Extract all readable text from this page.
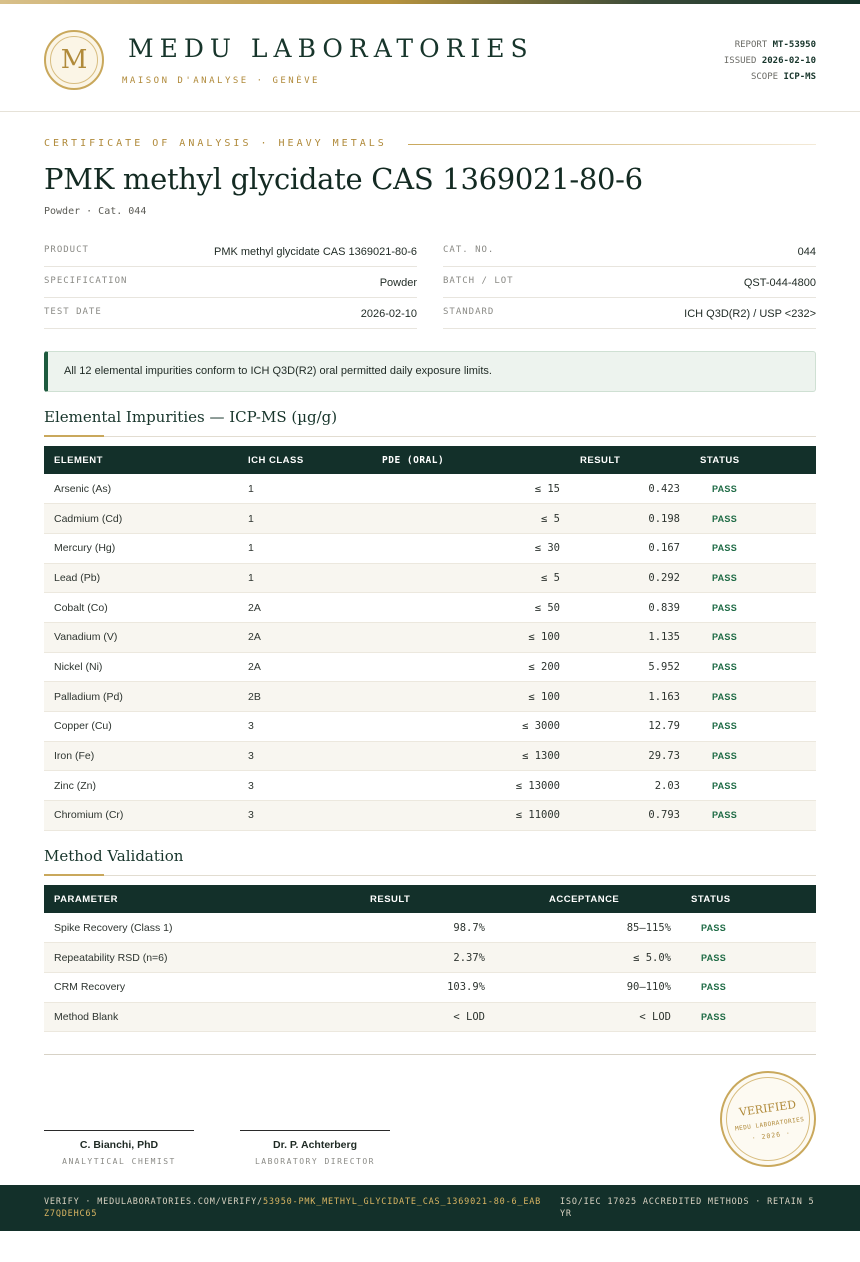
M	MEDU LABORATORIES
MAISON D'ANALYSE · GENÈVE
REPORT MT-53950
ISSUED 2026-02-10
SCOPE ICP-MS
CERTIFICATE OF ANALYSIS · HEAVY METALS
PMK methyl glycidate CAS 1369021-80-6
Powder · Cat. 044
PRODUCT	PMK methyl glycidate CAS 1369021-80-6
SPECIFICATION	Powder
TEST DATE	2026-02-10
CAT. NO.	044
BATCH / LOT	QST-044-4800
STANDARD	ICH Q3D(R2) / USP <232>
All 12 elemental impurities conform to ICH Q3D(R2) oral permitted daily exposure limits.
Elemental Impurities — ICP-MS (µg/g)
ELEMENT	ICH CLASS	PDE (ORAL)	RESULT	STATUS
Arsenic (As)	1	≤ 15	0.423	PASS
Cadmium (Cd)	1	≤ 5	0.198	PASS
Mercury (Hg)	1	≤ 30	0.167	PASS
Lead (Pb)	1	≤ 5	0.292	PASS
Cobalt (Co)	2A	≤ 50	0.839	PASS
Vanadium (V)	2A	≤ 100	1.135	PASS
Nickel (Ni)	2A	≤ 200	5.952	PASS
Palladium (Pd)	2B	≤ 100	1.163	PASS
Copper (Cu)	3	≤ 3000	12.79	PASS
Iron (Fe)	3	≤ 1300	29.73	PASS
Zinc (Zn)	3	≤ 13000	2.03	PASS
Chromium (Cr)	3	≤ 11000	0.793	PASS
Method Validation
PARAMETER	RESULT	ACCEPTANCE	STATUS
Spike Recovery (Class 1)	98.7%	85–115%	PASS
Repeatability RSD (n=6)	2.37%	≤ 5.0%	PASS
CRM Recovery	103.9%	90–110%	PASS
Method Blank	< LOD	< LOD	PASS
C. Bianchi, PhD
ANALYTICAL CHEMIST
Dr. P. Achterberg
LABORATORY DIRECTOR
VERIFIED
MEDU LABORATORIES
· 2026 ·
VERIFY · MEDULABORATORIES.COM/VERIFY/53950-PMK_METHYL_GLYCIDATE_CAS_1369021-80-6_EABZ7QDEHC65
ISO/IEC 17025 ACCREDITED METHODS · RETAIN 5 YR
